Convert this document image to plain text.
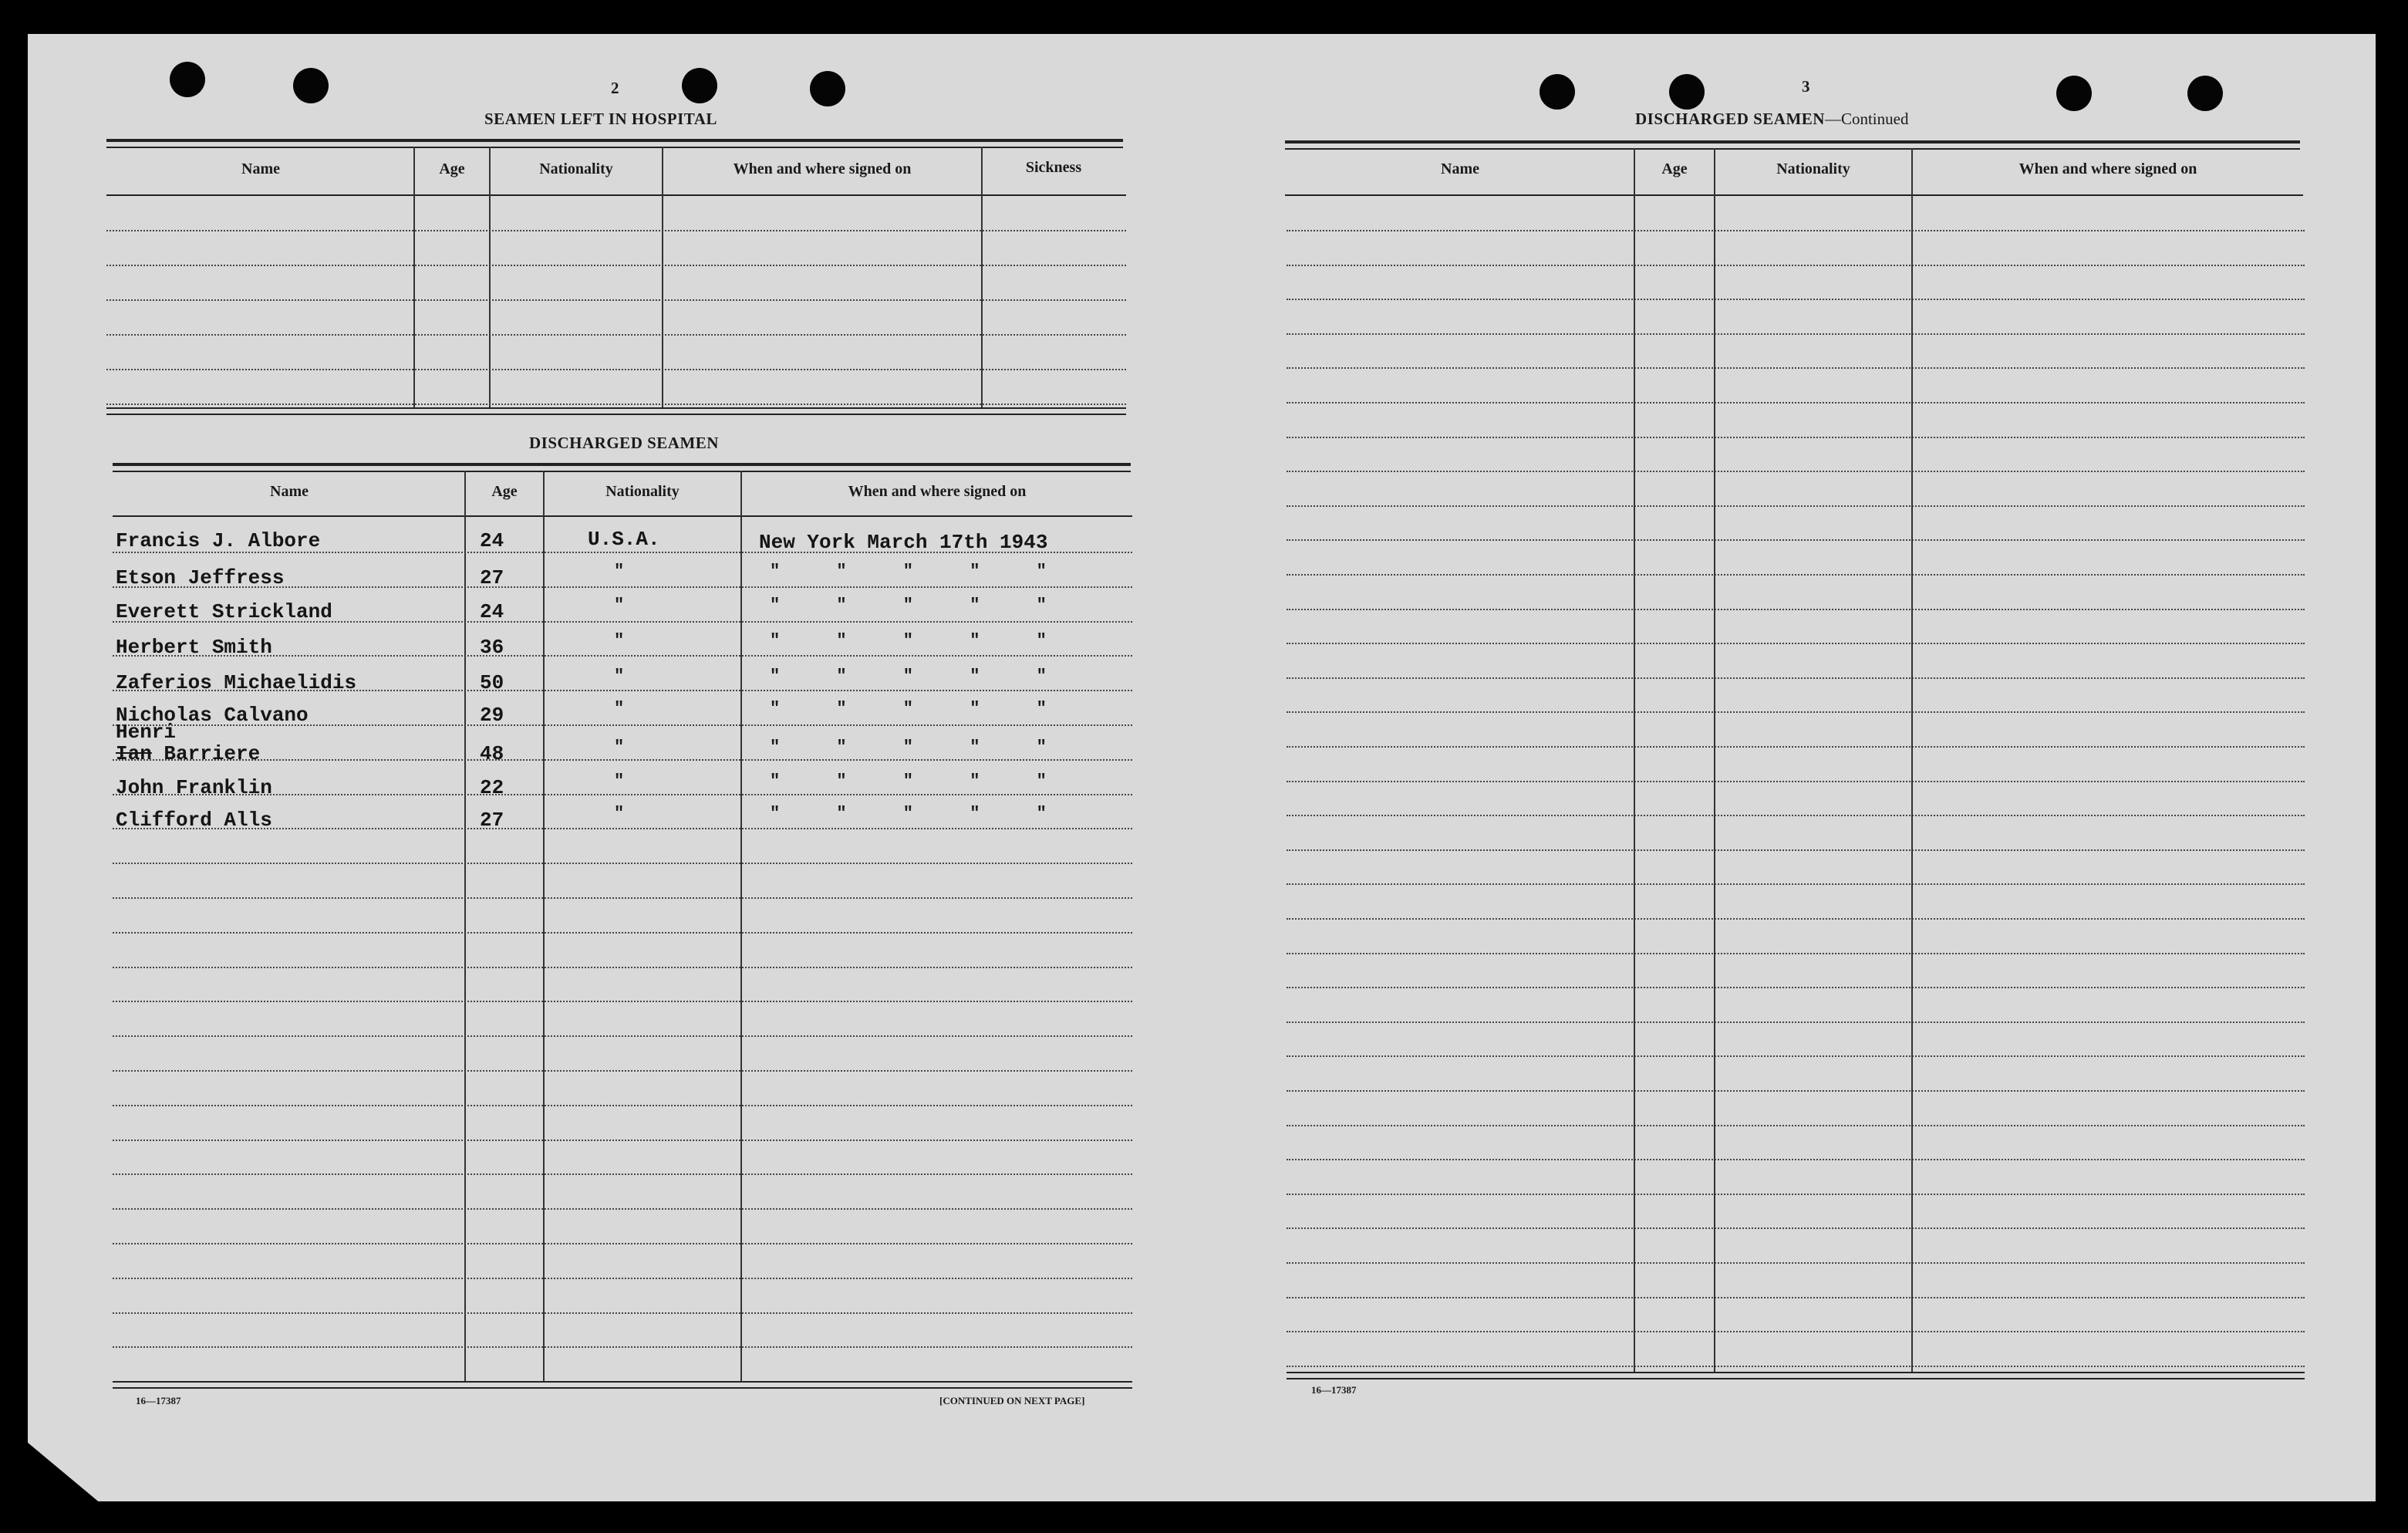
2
SEAMEN LEFT IN HOSPITAL
Name	Age	Nationality	When and where signed on	Sickness
DISCHARGED SEAMEN
Name	Age	Nationality	When and where signed on
Francis J. Albore	24	U.S.A.	New York March 17th 1943
Etson Jeffress	27	"	" " " " "
Everett Strickland	24	"	" " " " "
Herbert Smith	36	"	" " " " "
Zaferios Michaelidis	50	"	" " " " "
Nicholas Calvano	29	"	" " " " "
Henri
Ian Barriere	48	"	" " " " "
John Franklin	22	"	" " " " "
Clifford Alls	27	"	" " " " "
16—17387	[CONTINUED ON NEXT PAGE]
3
DISCHARGED SEAMEN—Continued
Name	Age	Nationality	When and where signed on
16—17387
